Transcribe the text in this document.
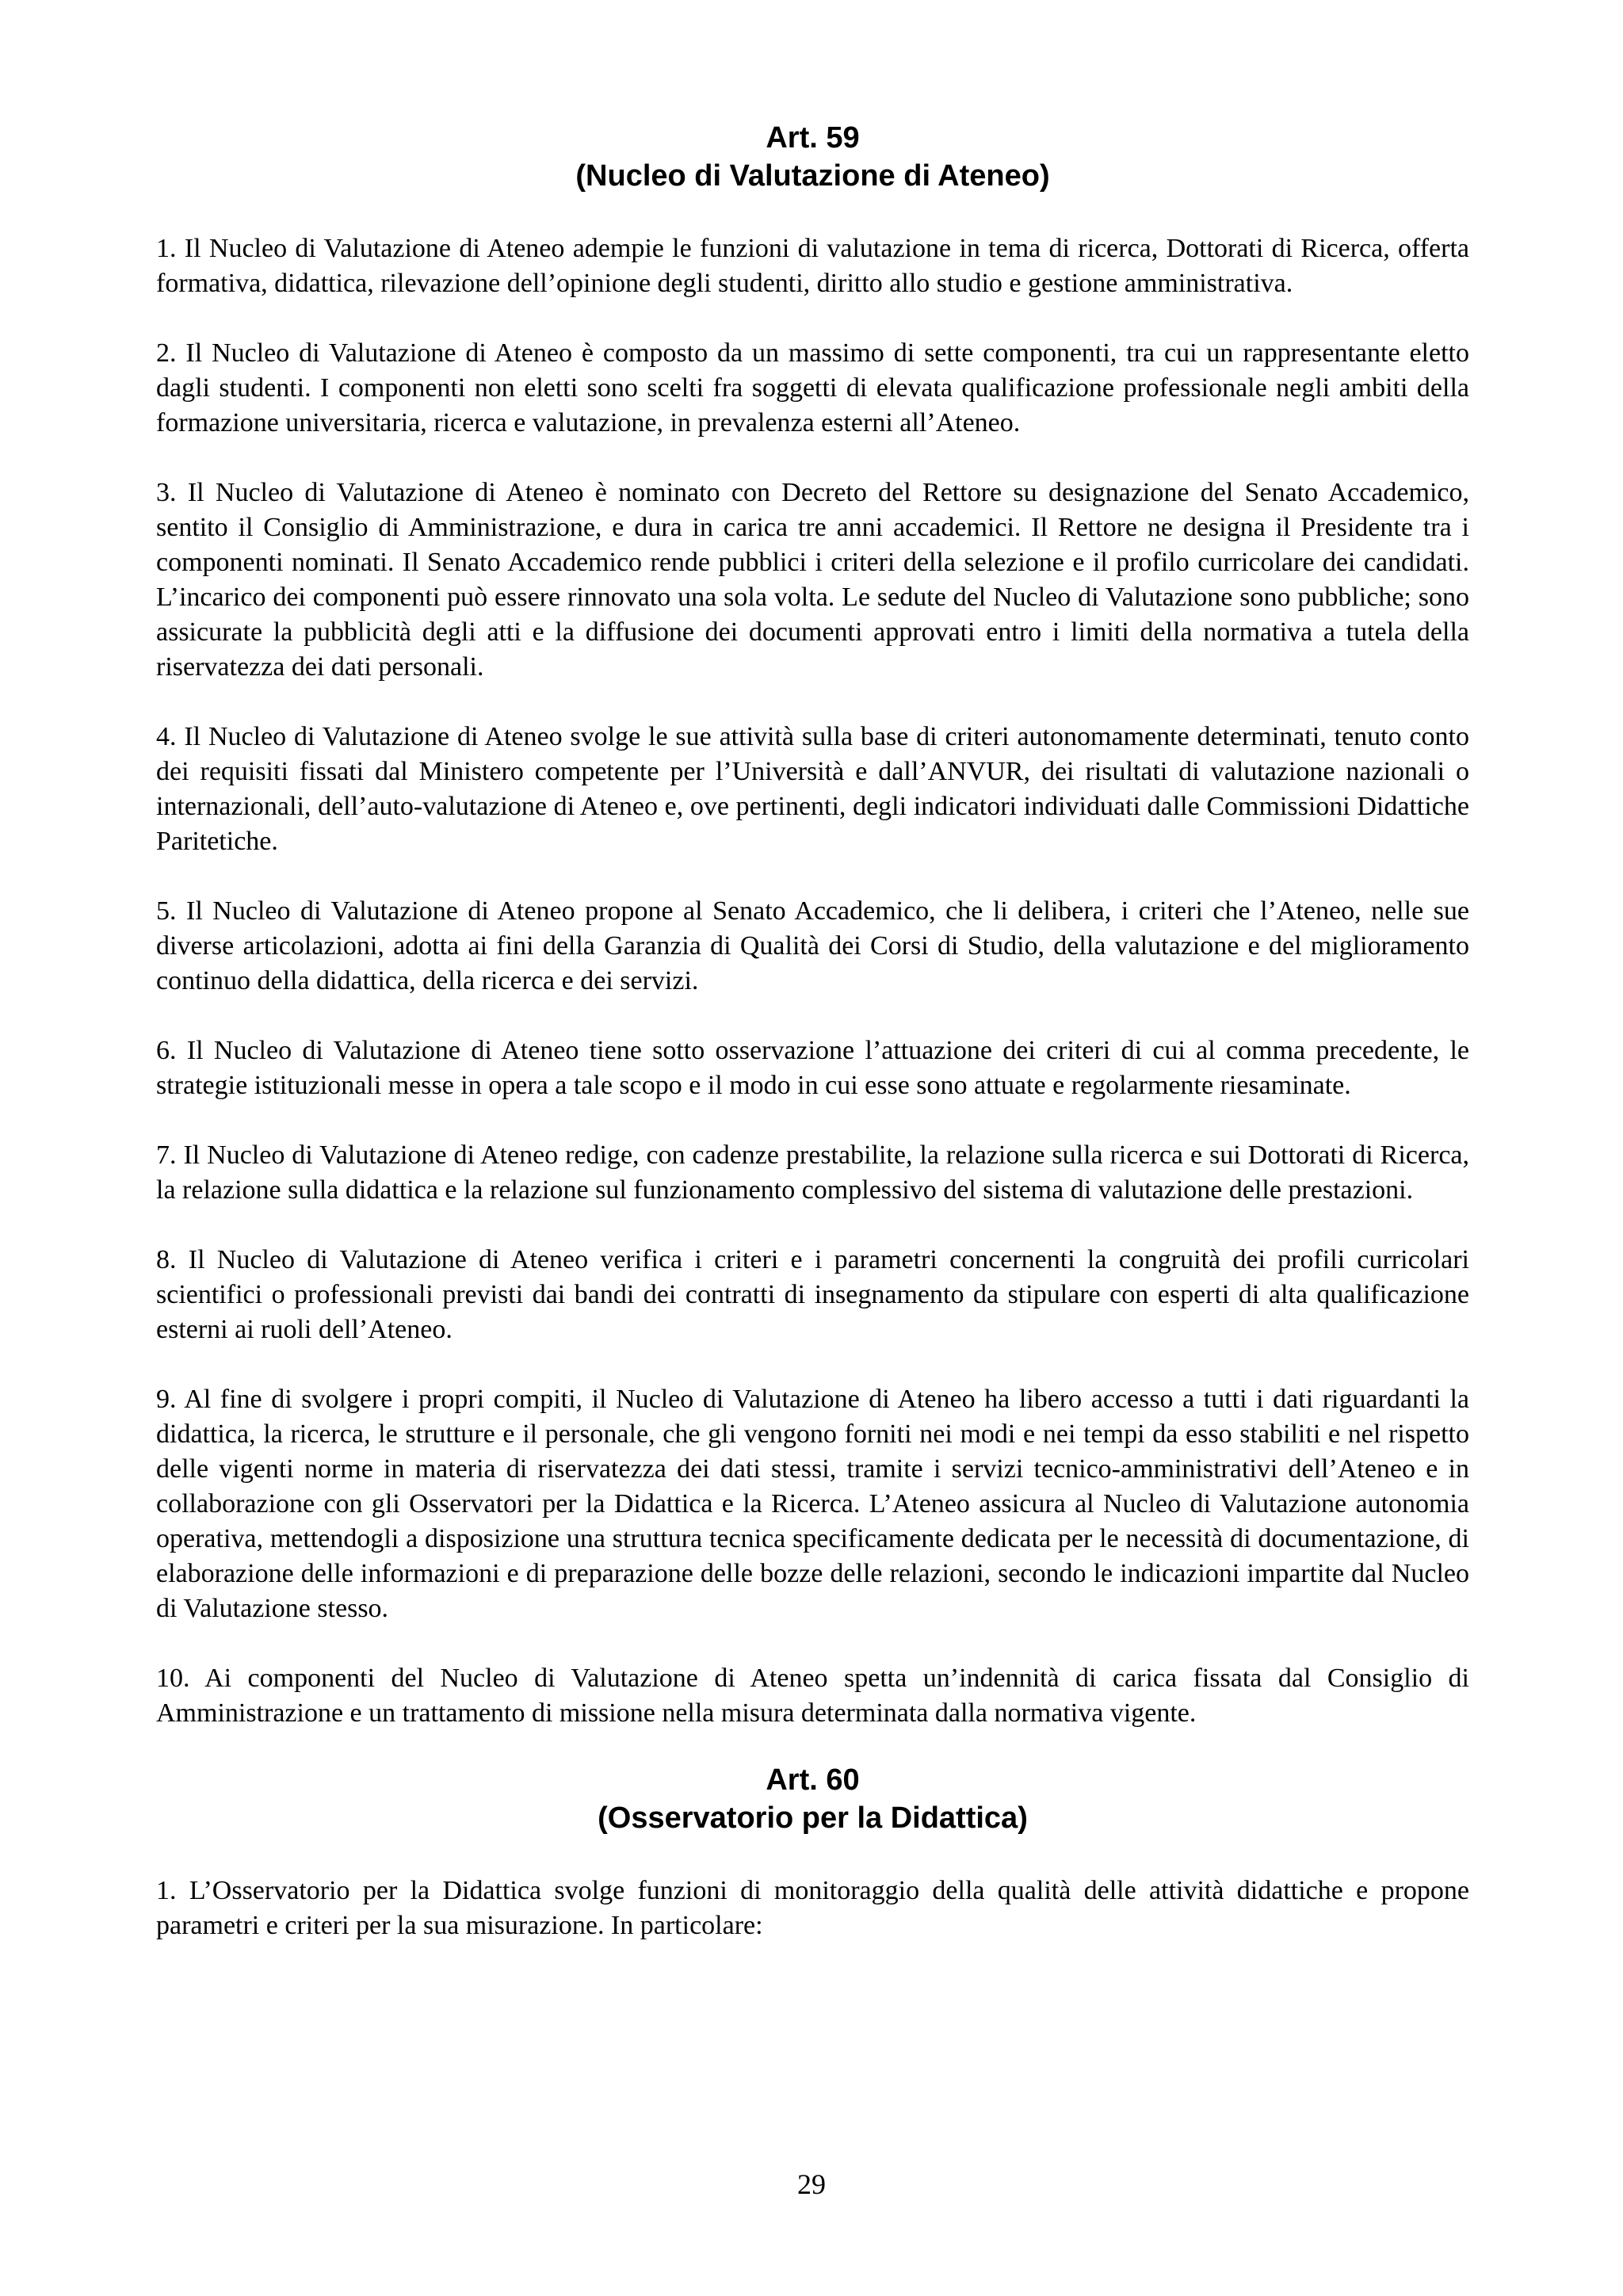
Art. 59
(Nucleo di Valutazione di Ateneo)

1. Il Nucleo di Valutazione di Ateneo adempie le funzioni di valutazione in tema di ricerca, Dottorati di Ricerca, offerta formativa, didattica, rilevazione dell’opinione degli studenti, diritto allo studio e gestione amministrativa.

2. Il Nucleo di Valutazione di Ateneo è composto da un massimo di sette componenti, tra cui un rappresentante eletto dagli studenti. I componenti non eletti sono scelti fra soggetti di elevata qualificazione professionale negli ambiti della formazione universitaria, ricerca e valutazione, in prevalenza esterni all’Ateneo.

3. Il Nucleo di Valutazione di Ateneo è nominato con Decreto del Rettore su designazione del Senato Accademico, sentito il Consiglio di Amministrazione, e dura in carica tre anni accademici. Il Rettore ne designa il Presidente tra i componenti nominati. Il Senato Accademico rende pubblici i criteri della selezione e il profilo curricolare dei candidati. L’incarico dei componenti può essere rinnovato una sola volta. Le sedute del Nucleo di Valutazione sono pubbliche; sono assicurate la pubblicità degli atti e la diffusione dei documenti approvati entro i limiti della normativa a tutela della riservatezza dei dati personali.

4. Il Nucleo di Valutazione di Ateneo svolge le sue attività sulla base di criteri autonomamente determinati, tenuto conto dei requisiti fissati dal Ministero competente per l’Università e dall’ANVUR, dei risultati di valutazione nazionali o internazionali, dell’auto-valutazione di Ateneo e, ove pertinenti, degli indicatori individuati dalle Commissioni Didattiche Paritetiche.

5. Il Nucleo di Valutazione di Ateneo propone al Senato Accademico, che li delibera, i criteri che l’Ateneo, nelle sue diverse articolazioni, adotta ai fini della Garanzia di Qualità dei Corsi di Studio, della valutazione e del miglioramento continuo della didattica, della ricerca e dei servizi.

6. Il Nucleo di Valutazione di Ateneo tiene sotto osservazione l’attuazione dei criteri di cui al comma precedente, le strategie istituzionali messe in opera a tale scopo e il modo in cui esse sono attuate e regolarmente riesaminate.

7. Il Nucleo di Valutazione di Ateneo redige, con cadenze prestabilite, la relazione sulla ricerca e sui Dottorati di Ricerca, la relazione sulla didattica e la relazione sul funzionamento complessivo del sistema di valutazione delle prestazioni.

8. Il Nucleo di Valutazione di Ateneo verifica i criteri e i parametri concernenti la congruità dei profili curricolari scientifici o professionali previsti dai bandi dei contratti di insegnamento da stipulare con esperti di alta qualificazione esterni ai ruoli dell’Ateneo.

9. Al fine di svolgere i propri compiti, il Nucleo di Valutazione di Ateneo ha libero accesso a tutti i dati riguardanti la didattica, la ricerca, le strutture e il personale, che gli vengono forniti nei modi e nei tempi da esso stabiliti e nel rispetto delle vigenti norme in materia di riservatezza dei dati stessi, tramite i servizi tecnico-amministrativi dell’Ateneo e in collaborazione con gli Osservatori per la Didattica e la Ricerca. L’Ateneo assicura al Nucleo di Valutazione autonomia operativa, mettendogli a disposizione una struttura tecnica specificamente dedicata per le necessità di documentazione, di elaborazione delle informazioni e di preparazione delle bozze delle relazioni, secondo le indicazioni impartite dal Nucleo di Valutazione stesso.

10. Ai componenti del Nucleo di Valutazione di Ateneo spetta un’indennità di carica fissata dal Consiglio di Amministrazione e un trattamento di missione nella misura determinata dalla normativa vigente.

Art. 60
(Osservatorio per la Didattica)

1. L’Osservatorio per la Didattica svolge funzioni di monitoraggio della qualità delle attività didattiche e propone parametri e criteri per la sua misurazione. In particolare:

29
